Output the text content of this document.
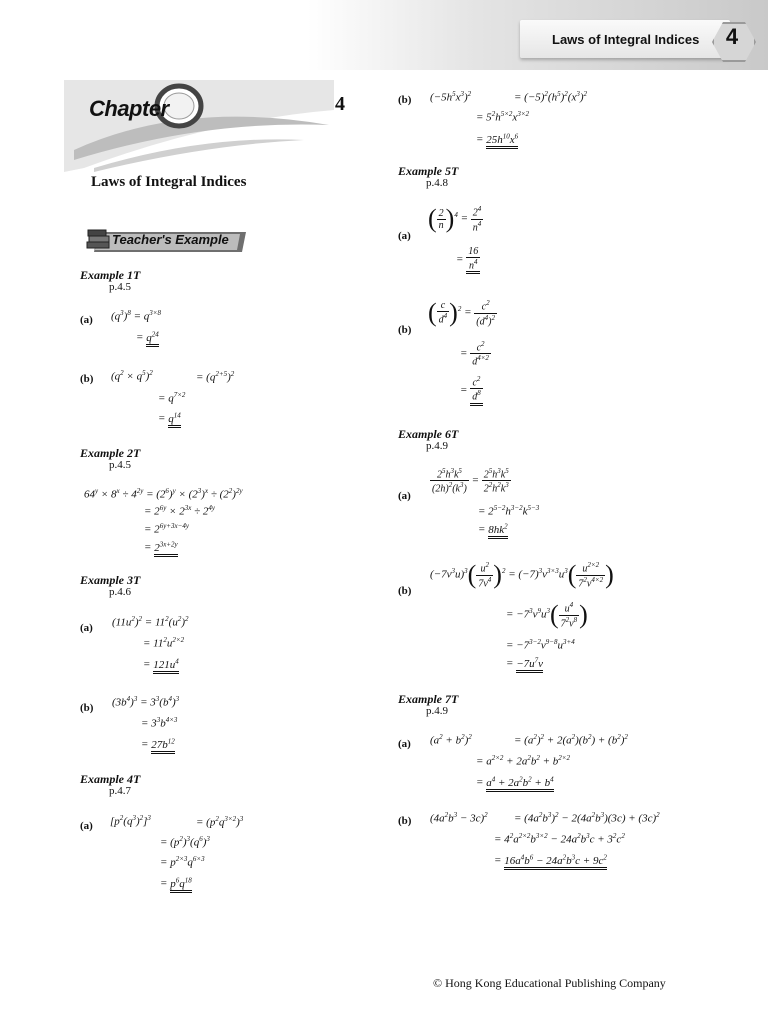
Laws of Integral Indices	4
Chapter	4
Laws of Integral Indices
Teacher's Example
Example 1T
p.4.5
(a) $(q^3)^8 = q^{3\times 8}$
= $q^{24}$
(b) $(q^2 \times q^5)^2$	= $(q^{2+5})^2$
= $q^{7\times 2}$
= $q^{14}$
Example 2T
p.4.5
$64^y \times 8^x \div 4^{2y} = (2^6)^y \times (2^3)^x \div (2^2)^{2y}$
= $2^{6y} \times 2^{3x} \div 2^{4y}$
= $2^{6y+3x-4y}$
= $2^{3x+2y}$
Example 3T
p.4.6
(a) $(11u^2)^2 = 11^2(u^2)^2$
= $11^2u^{2\times 2}$
= $121u^4$
(b) $(3b^4)^3 = 3^3(b^4)^3$
= $3^3b^{4\times 3}$
= $27b^{12}$
Example 4T
p.4.7
(a) $[p^2(q^3)^2]^3$	= $(p^2q^{3\times 2})^3$
= $(p^2)^3(q^6)^3$
= $p^{2\times 3}q^{6\times 3}$
= $p^6q^{18}$
(b) $(-5h^5x^3)^2$	= $(-5)^2(h^5)^2(x^3)^2$
= $5^2h^{5\times 2}x^{3\times 2}$
= $25h^{10}x^6$
Example 5T
p.4.8
(a)
( $\frac{2}{n} )^4 = \frac{2^4}{n^4}$
= $\frac{16}{n^4}$
(b)
( $\frac{c}{d^4} )^2 = \frac{c^2}{(d^4)^2}$
= $\frac{c^2}{d^{4\times 2}}$
= $\frac{c^2}{d^8}$
Example 6T
p.4.9
(a)
$\frac{2^5h^3k^5}{(2h)^2(k^3)} = \frac{2^5h^3k^5}{2^2h^2k^3}$
= $2^{5-2}h^{3-2}k^{5-3}$
= $8hk^2$
(b)
$(-7v^3u)^3( \frac{u^2}{7v^4} )^2 = (-7)^3v^{3\times 3}u^3( \frac{u^{2\times 2}}{7^2v^{4\times 2}}$ )
= $-7^3v^9u^3( \frac{u^4}{7^2v^8}$ )
= $-7^{3-2}v^{9-8}u^{3+4}$
= $-7u^7v$
Example 7T
p.4.9
(a) $(a^2 + b^2)^2$	= $(a^2)^2 + 2(a^2)(b^2) + (b^2)^2$
= $a^{2\times 2} + 2a^2b^2 + b^{2\times 2}$
= $a^4 + 2a^2b^2 + b^4$
(b) $(4a^2b^3 - 3c)^2 = (4a^2b^3)^2 - 2(4a^2b^3)(3c) + (3c)^2$
= $4^2a^{2\times 2}b^{3\times 2} - 24a^2b^3c + 3^2c^2$
= $16a^4b^6 - 24a^2b^3c + 9c^2$
© Hong Kong Educational Publishing Company
